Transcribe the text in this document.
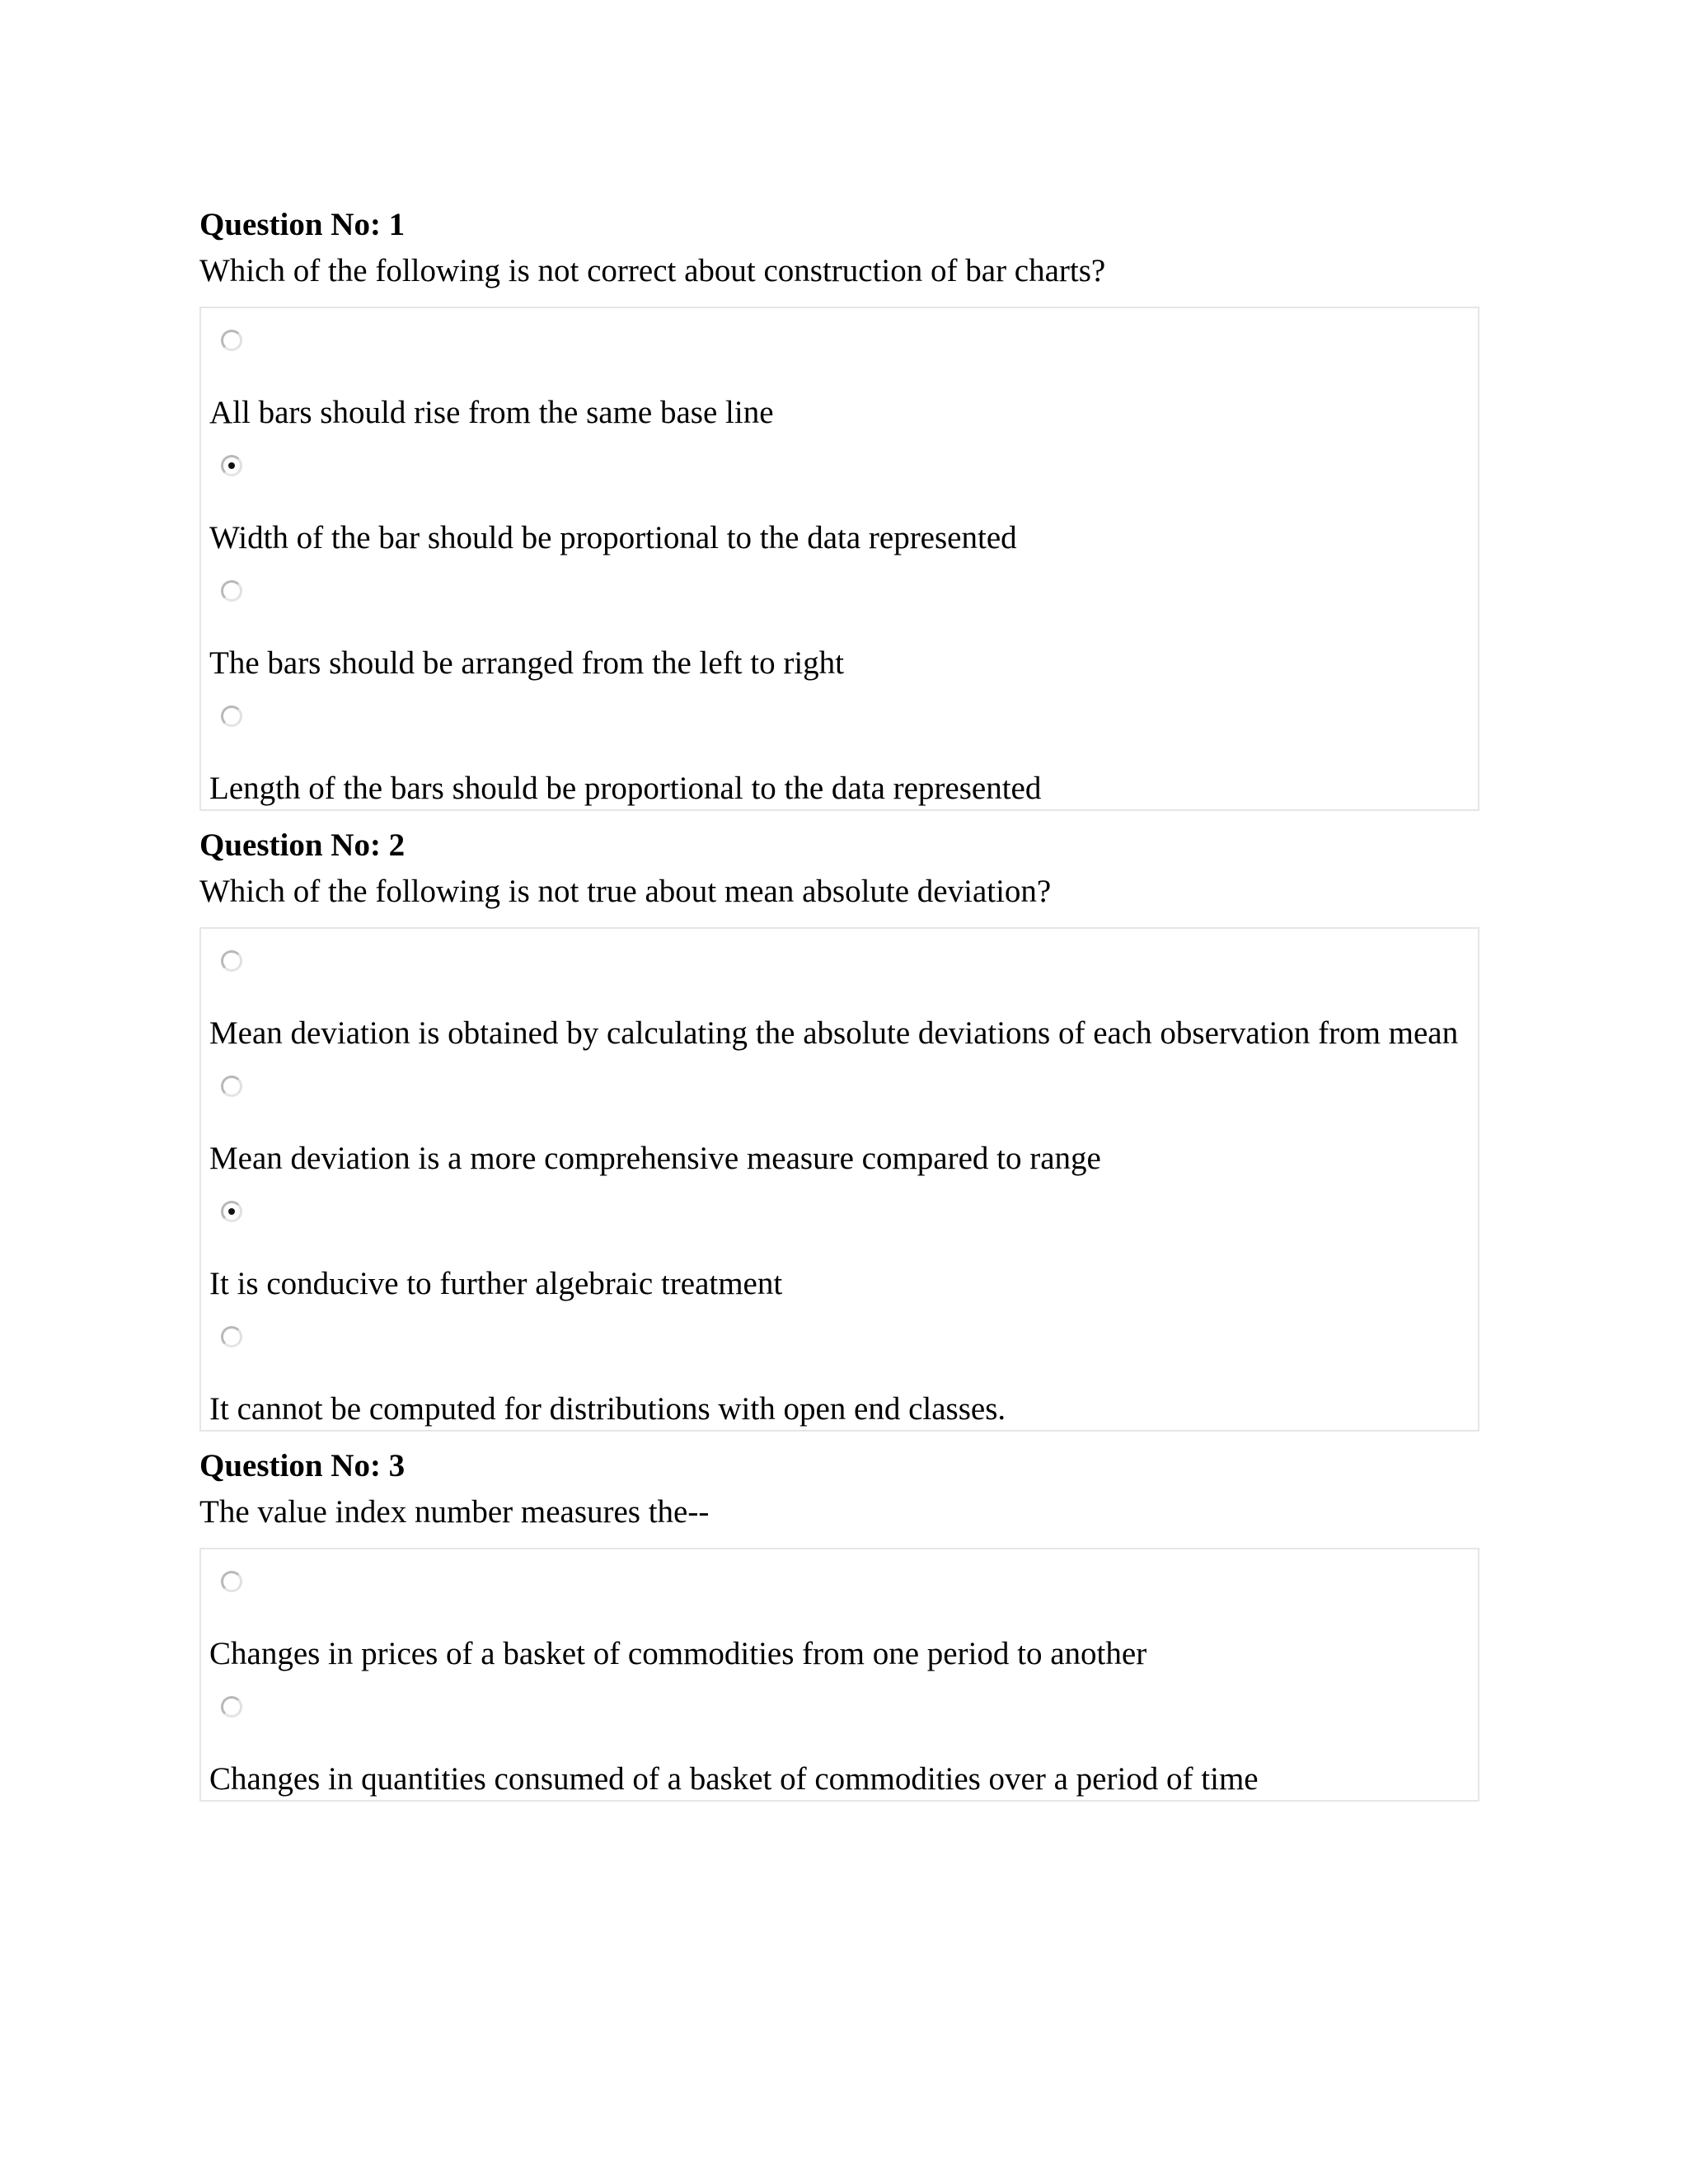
Question No: 1
Which of the following is not correct about construction of bar charts?
All bars should rise from the same base line
Width of the bar should be proportional to the data represented
The bars should be arranged from the left to right
Length of the bars should be proportional to the data represented
Question No: 2
Which of the following is not true about mean absolute deviation?
Mean deviation is obtained by calculating the absolute deviations of each observation from mean
Mean deviation is a more comprehensive measure compared to range
It is conducive to further algebraic treatment
It cannot be computed for distributions with open end classes.
Question No: 3
The value index number measures the--
Changes in prices of a basket of commodities from one period to another
Changes in quantities consumed of a basket of commodities over a period of time
